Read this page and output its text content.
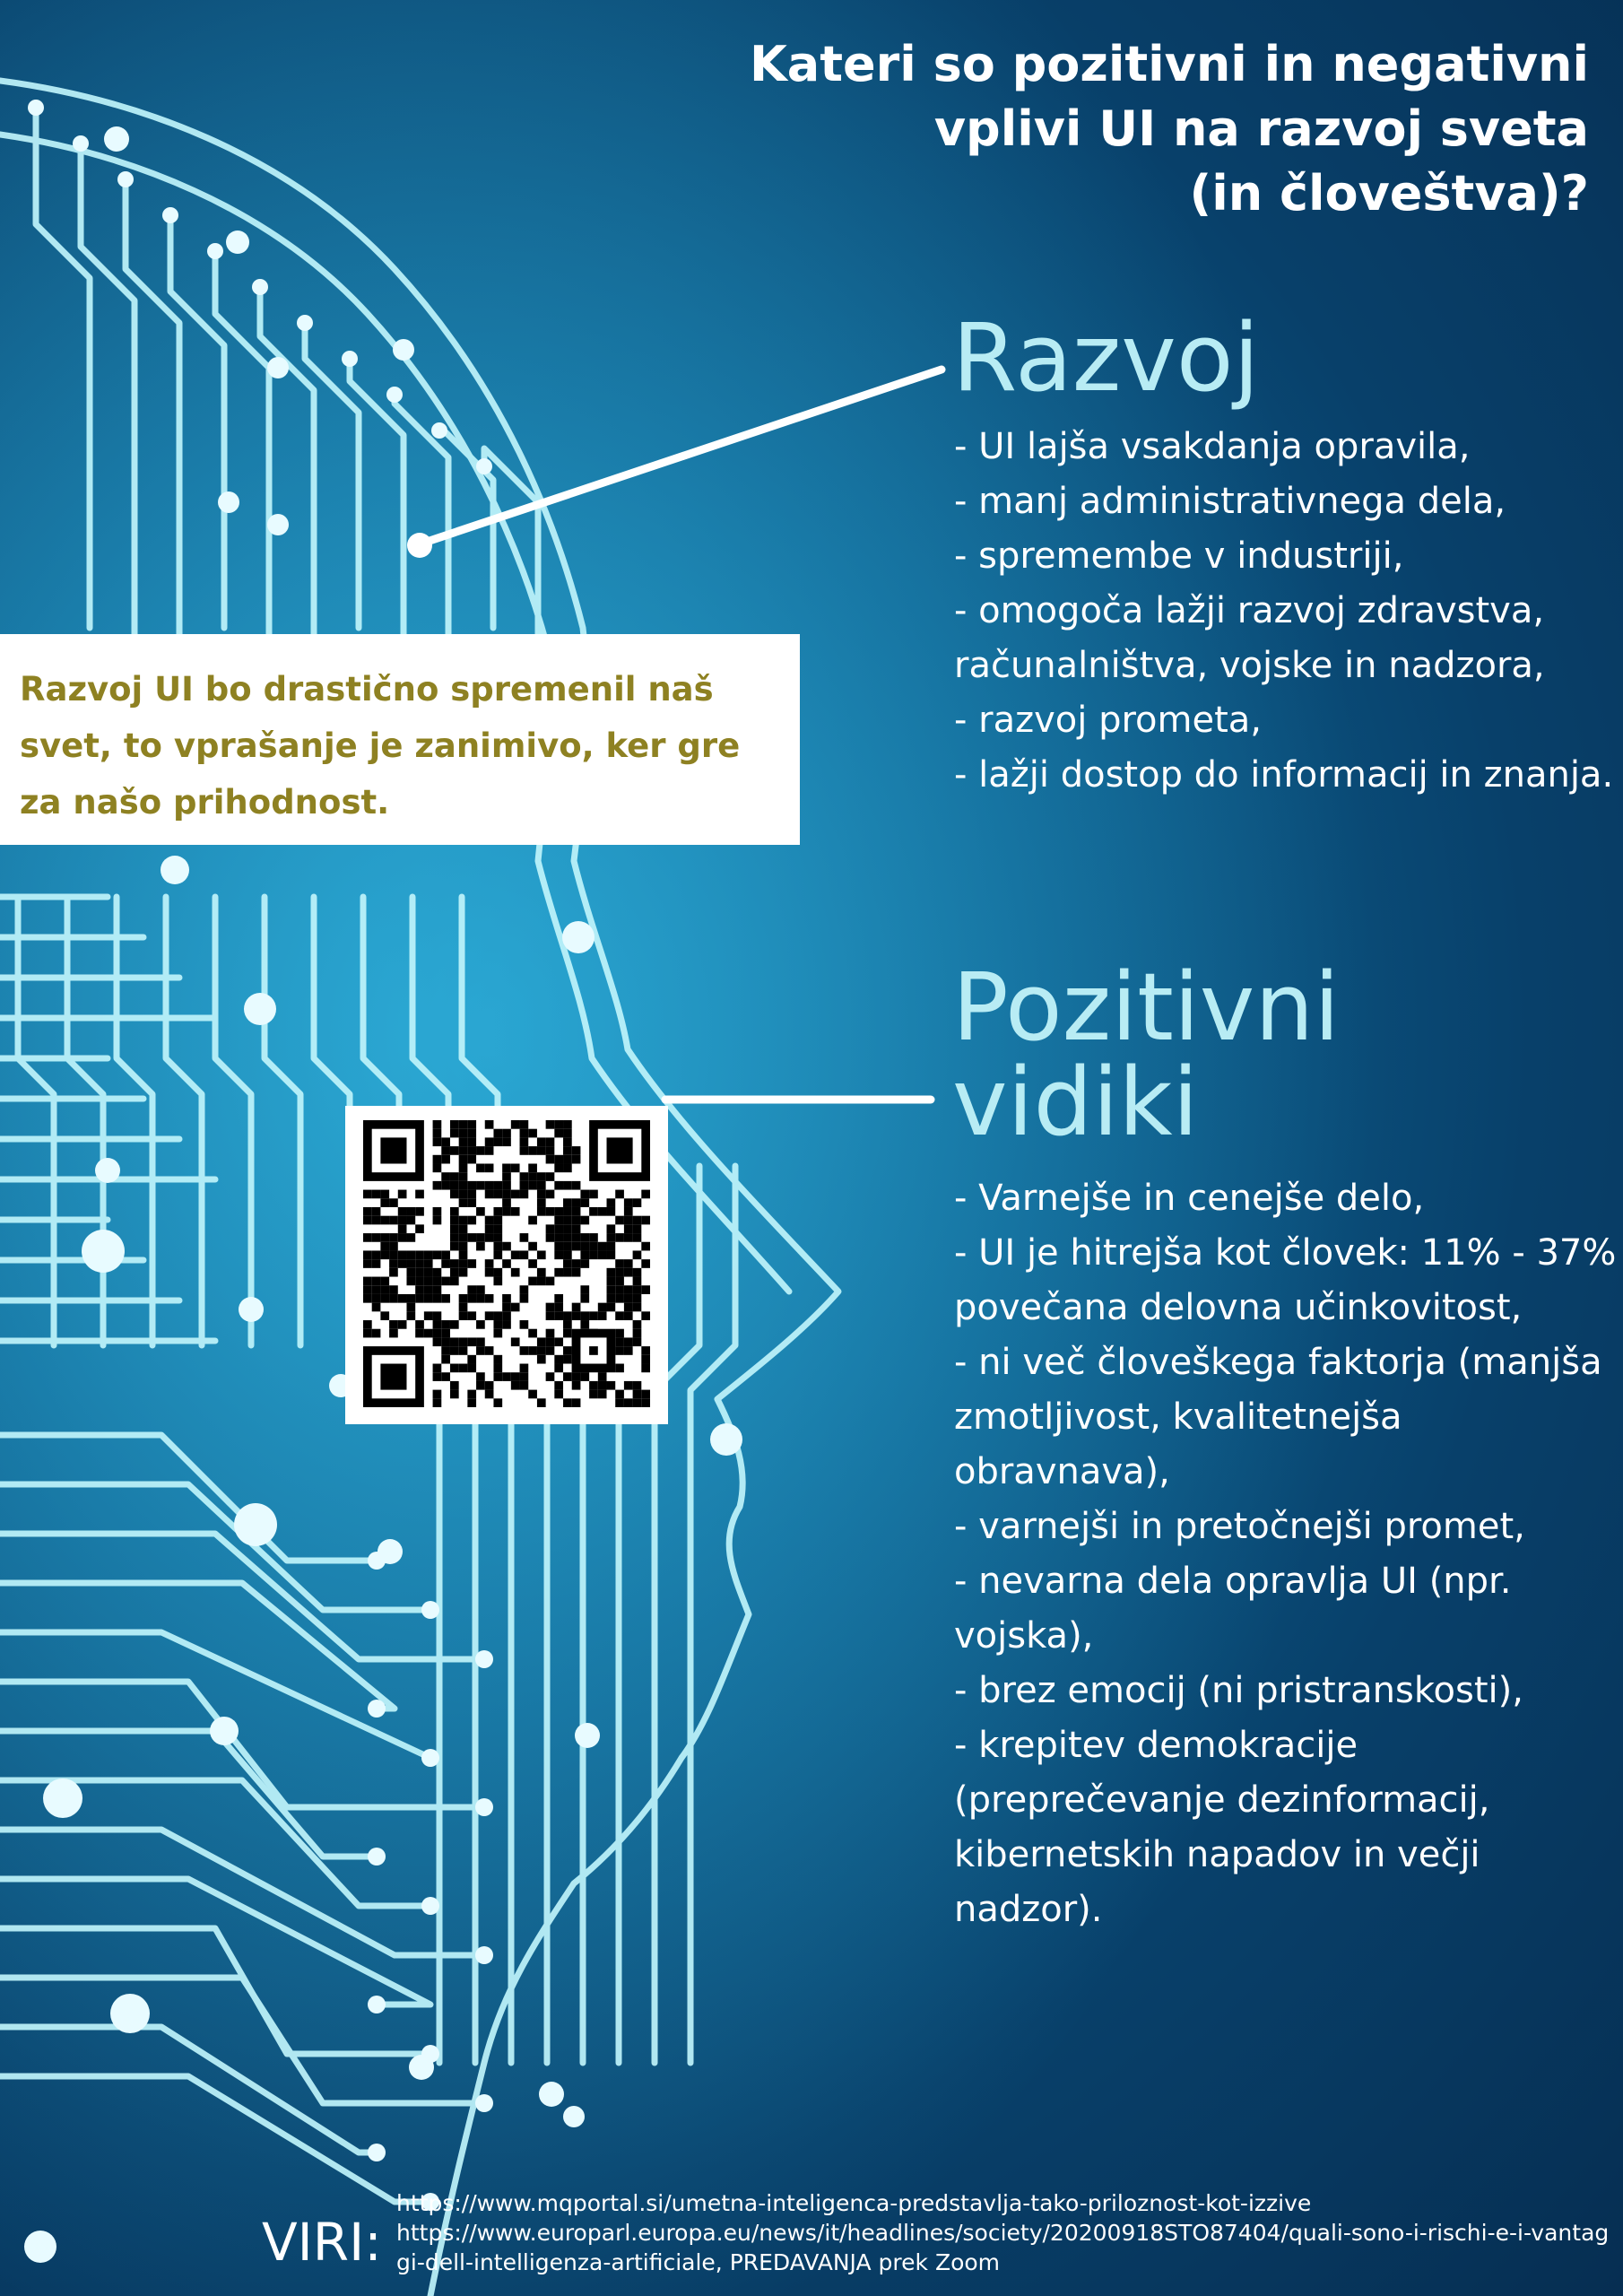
Kateri so pozitivni in negativni
vplivi UI na razvoj sveta
(in človeštva)?
Razvoj
- UI lajša vsakdanja opravila,
- manj administrativnega dela,
- spremembe v industriji,
- omogoča lažji razvoj zdravstva, računalništva, vojske in nadzora,
- razvoj prometa,
- lažji dostop do informacij in znanja.

Razvoj UI bo drastično spremenil naš svet, to vprašanje je zanimivo, ker gre za našo prihodnost.

Pozitivni
vidiki
- Varnejše in cenejše delo,
- UI je hitrejša kot človek: 11% - 37% povečana delovna učinkovitost,
- ni več človeškega faktorja (manjša zmotljivost, kvalitetnejša obravnava),
- varnejši in pretočnejši promet,
- nevarna dela opravlja UI (npr. vojska),
- brez emocij (ni pristranskosti),
- krepitev demokracije (preprečevanje dezinformacij, kibernetskih napadov in večji nadzor).

VIRI:

https://www.mqportal.si/umetna-inteligenca-predstavlja-tako-priloznost-kot-izzive
https://www.europarl.europa.eu/news/it/headlines/society/20200918STO87404/quali-sono-i-rischi-e-i-vantaggi-dell-intelligenza-artificiale, PREDAVANJA prek Zoom
